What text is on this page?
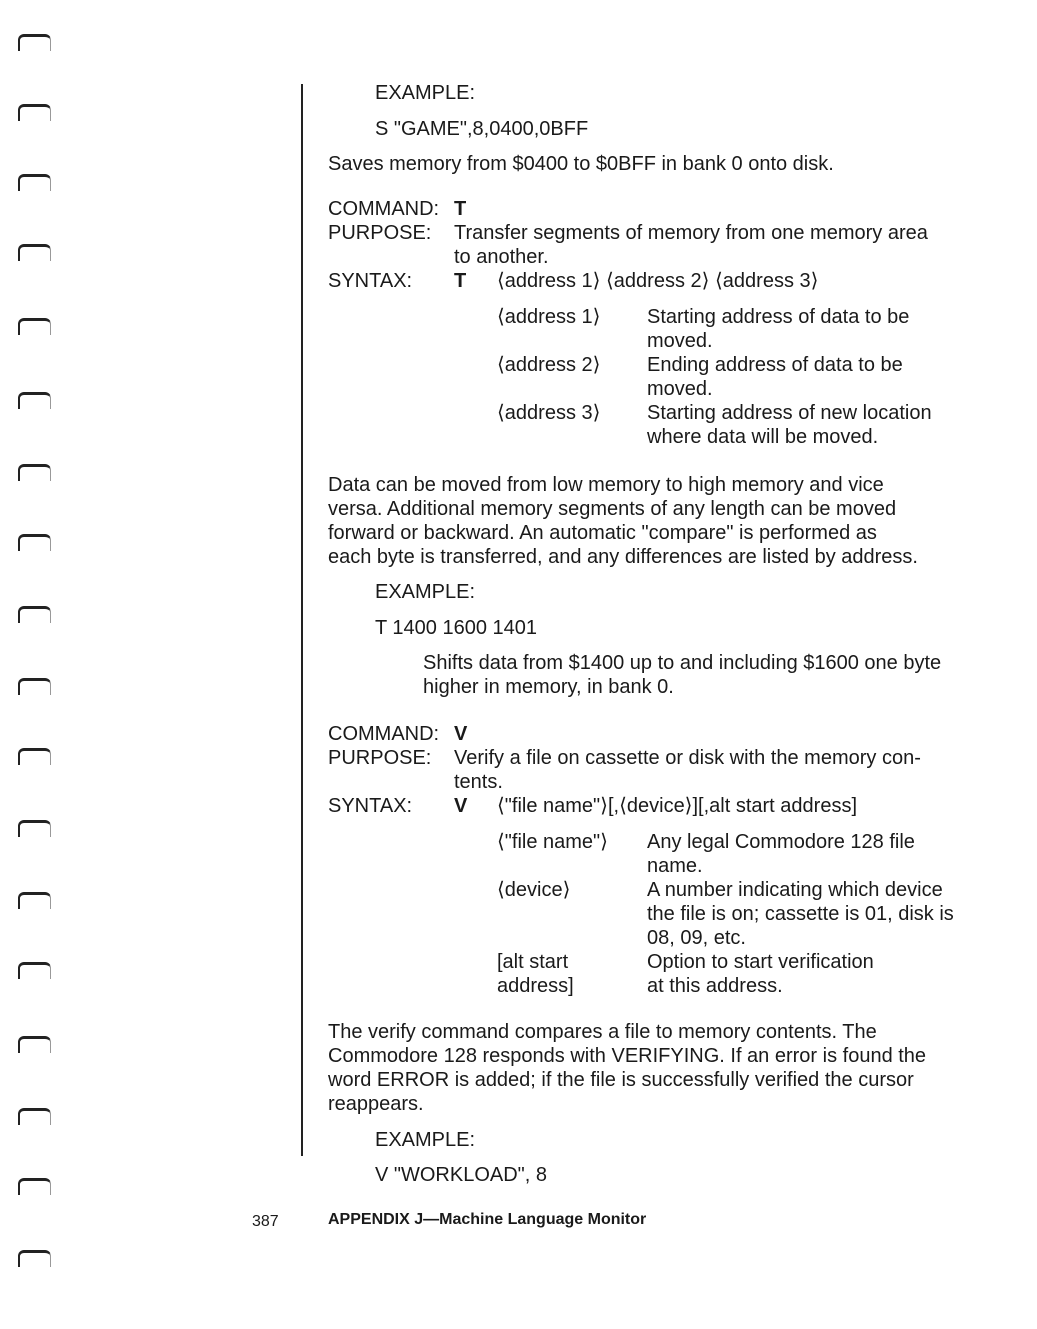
EXAMPLE:
S "GAME",8,0400,0BFF
Saves memory from $0400 to $0BFF in bank 0 onto disk.
COMMAND: T
PURPOSE: Transfer segments of memory from one memory area
to another.
SYNTAX: T ⟨address 1⟩ ⟨address 2⟩ ⟨address 3⟩
⟨address 1⟩ Starting address of data to be
moved.
⟨address 2⟩ Ending address of data to be
moved.
⟨address 3⟩ Starting address of new location
where data will be moved.
Data can be moved from low memory to high memory and vice
versa. Additional memory segments of any length can be moved
forward or backward. An automatic "compare" is performed as
each byte is transferred, and any differences are listed by address.
EXAMPLE:
T 1400 1600 1401
Shifts data from $1400 up to and including $1600 one byte
higher in memory, in bank 0.
COMMAND: V
PURPOSE: Verify a file on cassette or disk with the memory con-
tents.
SYNTAX: V ⟨"file name"⟩[,⟨device⟩][,alt start address]
⟨"file name"⟩ Any legal Commodore 128 file
name.
⟨device⟩	A number indicating which device
the file is on; cassette is 01, disk is
08, 09, etc.
[alt start
address]
Option to start verification
at this address.
The verify command compares a file to memory contents. The
Commodore 128 responds with VERIFYING. If an error is found the
word ERROR is added; if the file is successfully verified the cursor
reappears.
EXAMPLE:
V "WORKLOAD", 8
387	APPENDIX J—Machine Language Monitor
